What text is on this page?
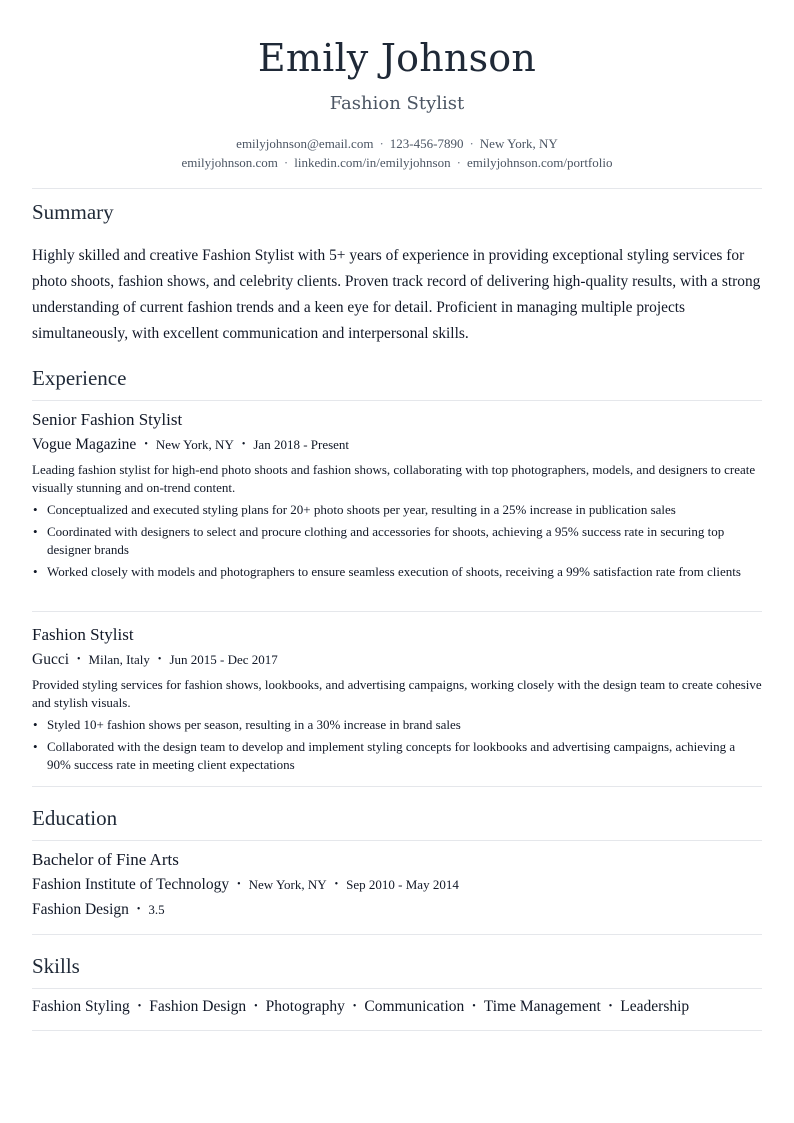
Emily Johnson
Fashion Stylist
emilyjohnson@email.com · 123-456-7890 · New York, NY
emilyjohnson.com · linkedin.com/in/emilyjohnson · emilyjohnson.com/portfolio
Summary
Highly skilled and creative Fashion Stylist with 5+ years of experience in providing exceptional styling services for photo shoots, fashion shows, and celebrity clients. Proven track record of delivering high-quality results, with a strong understanding of current fashion trends and a keen eye for detail. Proficient in managing multiple projects simultaneously, with excellent communication and interpersonal skills.
Experience
Senior Fashion Stylist
Vogue Magazine • New York, NY • Jan 2018 - Present
Leading fashion stylist for high-end photo shoots and fashion shows, collaborating with top photographers, models, and designers to create visually stunning and on-trend content.
• Conceptualized and executed styling plans for 20+ photo shoots per year, resulting in a 25% increase in publication sales
• Coordinated with designers to select and procure clothing and accessories for shoots, achieving a 95% success rate in securing top designer brands
• Worked closely with models and photographers to ensure seamless execution of shoots, receiving a 99% satisfaction rate from clients
Fashion Stylist
Gucci • Milan, Italy • Jun 2015 - Dec 2017
Provided styling services for fashion shows, lookbooks, and advertising campaigns, working closely with the design team to create cohesive and stylish visuals.
• Styled 10+ fashion shows per season, resulting in a 30% increase in brand sales
• Collaborated with the design team to develop and implement styling concepts for lookbooks and advertising campaigns, achieving a 90% success rate in meeting client expectations
Education
Bachelor of Fine Arts
Fashion Institute of Technology • New York, NY • Sep 2010 - May 2014
Fashion Design • 3.5
Skills
Fashion Styling • Fashion Design • Photography • Communication • Time Management • Leadership
